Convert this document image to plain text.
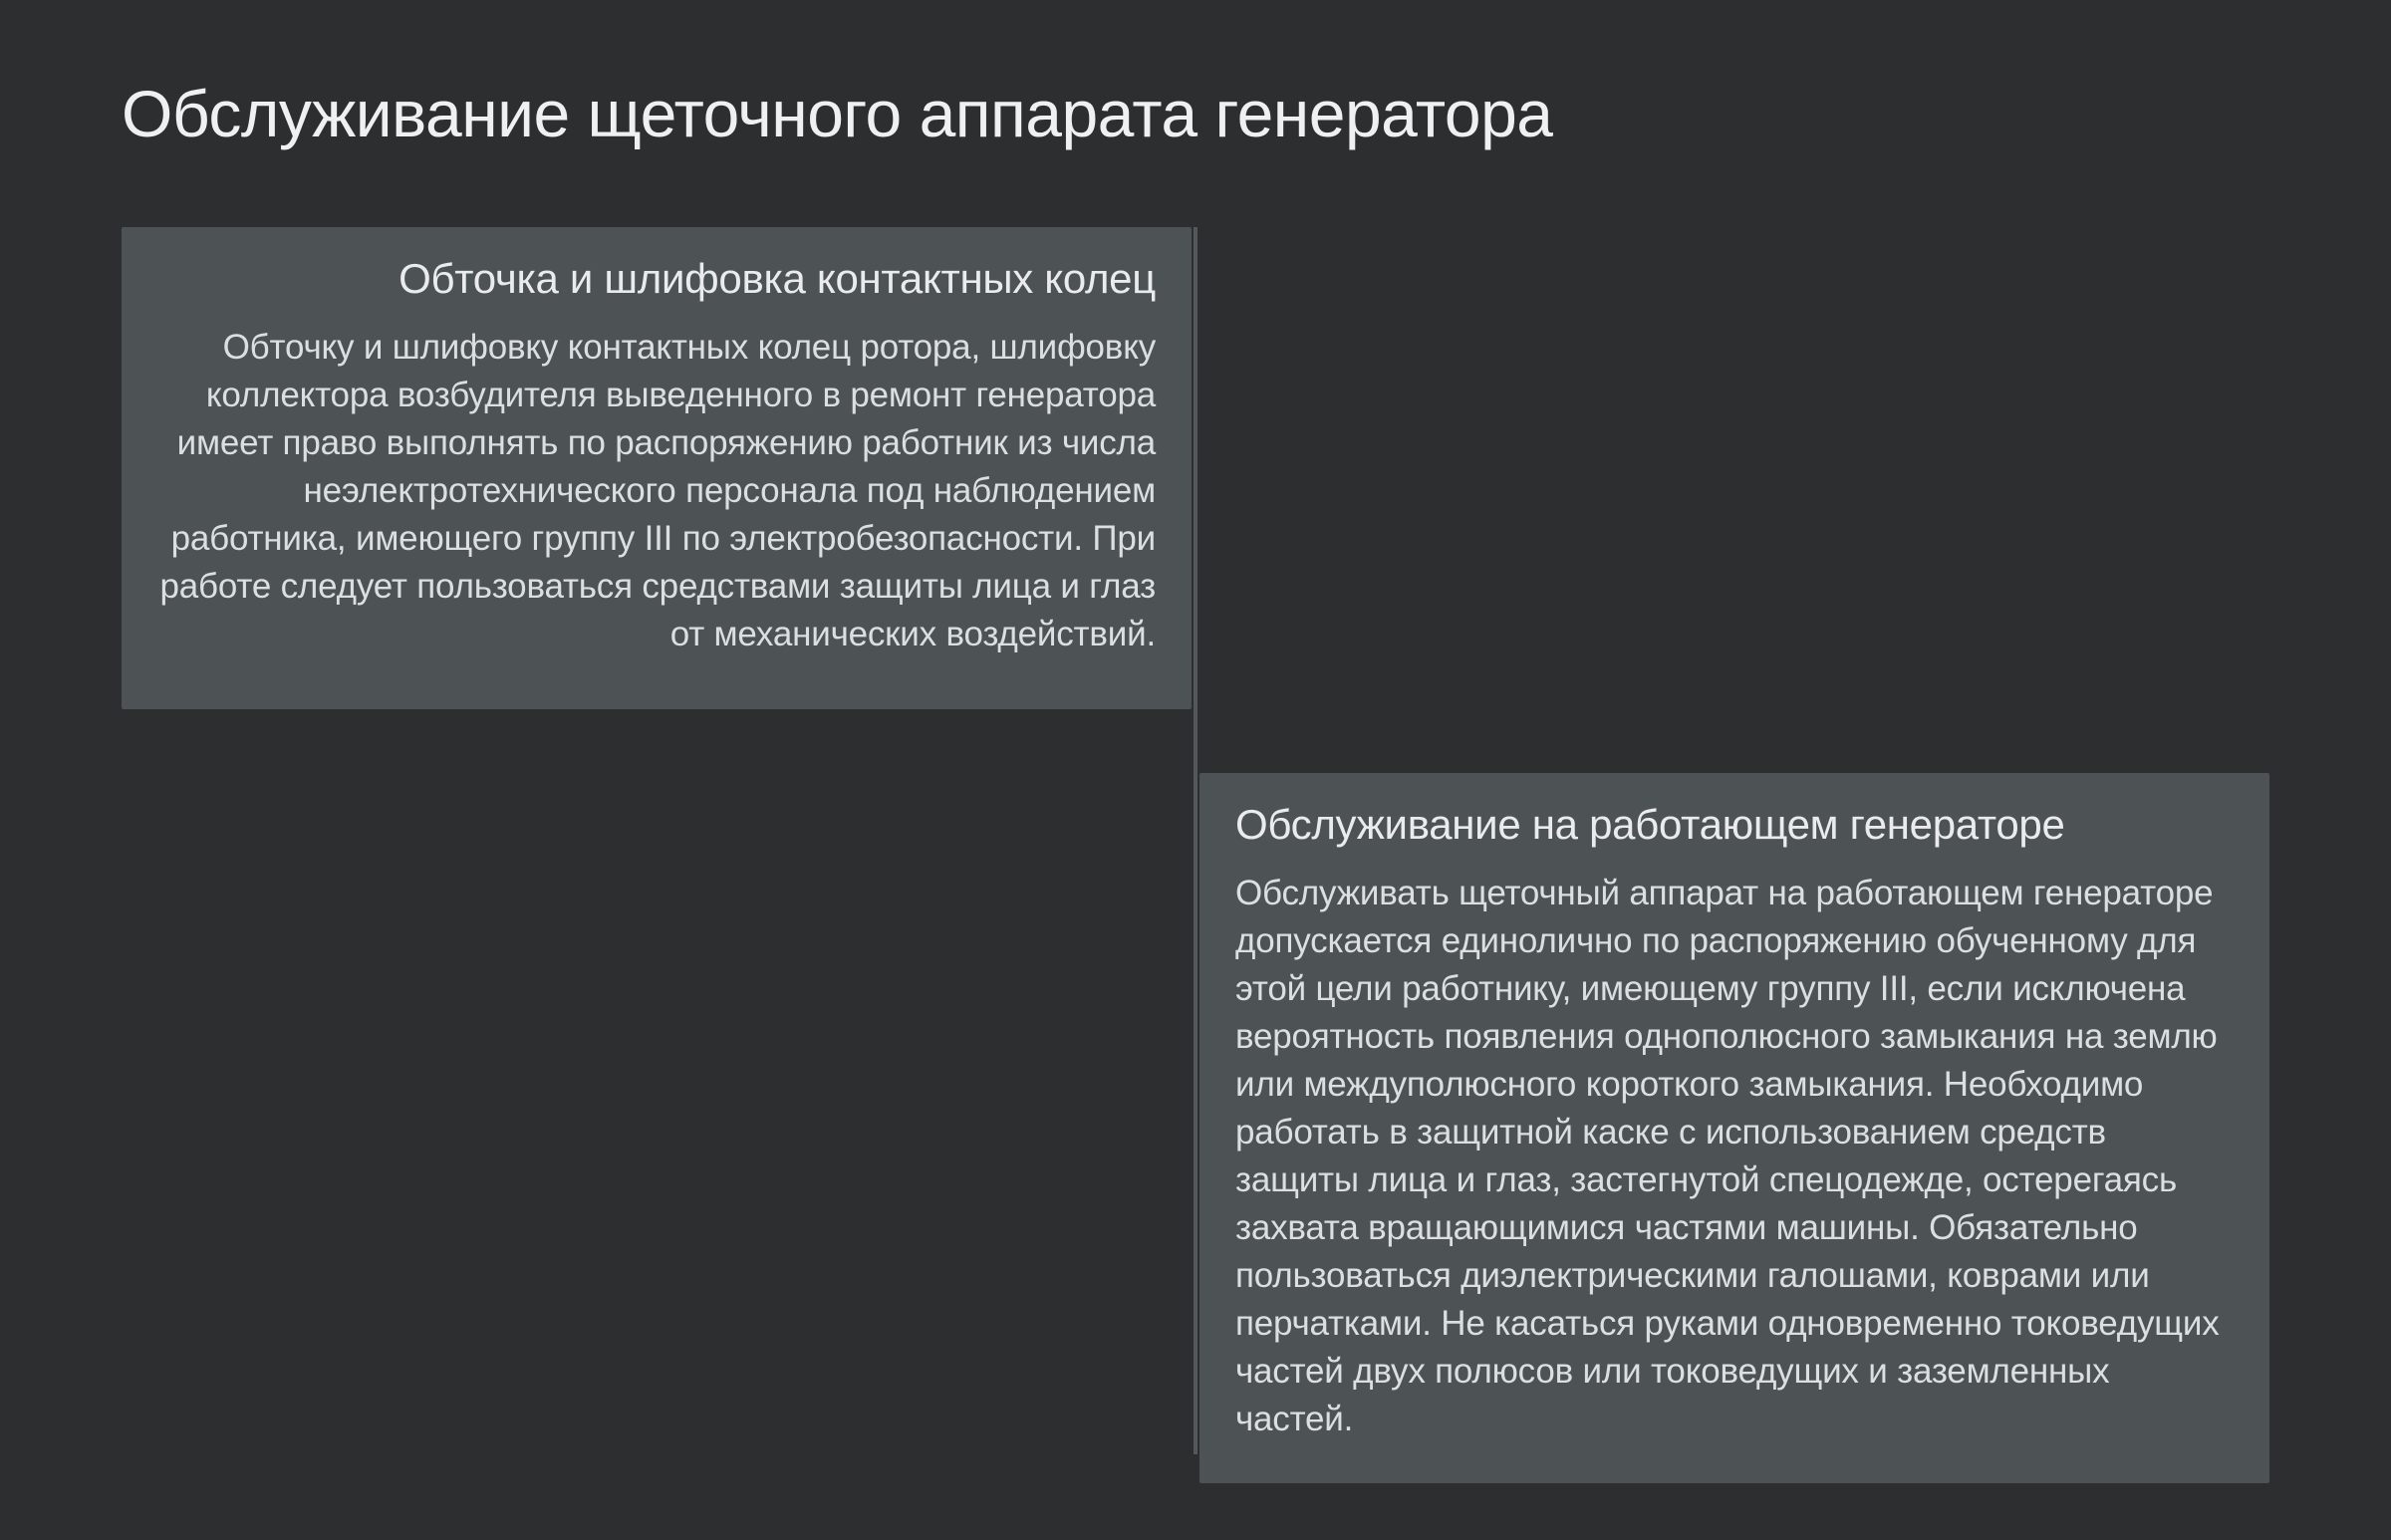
Обслуживание щеточного аппарата генератора
Обточка и шлифовка контактных колец

Обточку и шлифовку контактных колец ротора, шлифовку коллектора возбудителя выведенного в ремонт генератора имеет право выполнять по распоряжению работник из числа неэлектротехнического персонала под наблюдением работника, имеющего группу III по электробезопасности. При работе следует пользоваться средствами защиты лица и глаз от механических воздействий.

Обслуживание на работающем генераторе

Обслуживать щеточный аппарат на работающем генераторе допускается единолично по распоряжению обученному для этой цели работнику, имеющему группу III, если исключена вероятность появления однополюсного замыкания на землю или междуполюсного короткого замыкания. Необходимо работать в защитной каске с использованием средств защиты лица и глаз, застегнутой спецодежде, остерегаясь захвата вращающимися частями машины. Обязательно пользоваться диэлектрическими галошами, коврами или перчатками. Не касаться руками одновременно токоведущих частей двух полюсов или токоведущих и заземленных частей.
